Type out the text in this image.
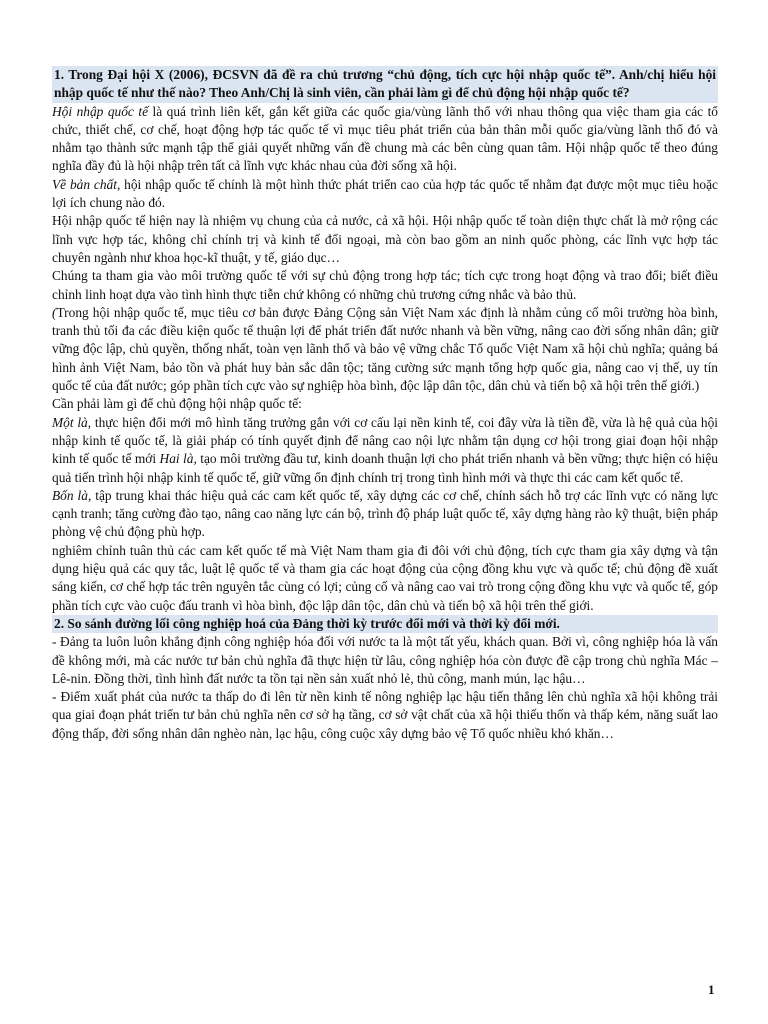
1. Trong Đại hội X (2006), ĐCSVN đã đề ra chủ trương “chủ động, tích cực hội nhập quốc tế”. Anh/chị hiểu hội nhập quốc tế như thế nào? Theo Anh/Chị là sinh viên, cần phải làm gì để chủ động hội nhập quốc tế?

Hội nhập quốc tế là quá trình liên kết, gắn kết giữa các quốc gia/vùng lãnh thổ với nhau thông qua việc tham gia các tổ chức, thiết chế, cơ chế, hoạt động hợp tác quốc tế vì mục tiêu phát triển của bản thân mỗi quốc gia/vùng lãnh thổ đó và nhằm tạo thành sức mạnh tập thể giải quyết những vấn đề chung mà các bên cùng quan tâm. Hội nhập quốc tế theo đúng nghĩa đầy đủ là hội nhập trên tất cả lĩnh vực khác nhau của đời sống xã hội.

Về bản chất, hội nhập quốc tế chính là một hình thức phát triển cao của hợp tác quốc tế nhằm đạt được một mục tiêu hoặc lợi ích chung nào đó.

Hội nhập quốc tế hiện nay là nhiệm vụ chung của cả nước, cả xã hội. Hội nhập quốc tế toàn diện thực chất là mở rộng các lĩnh vực hợp tác, không chỉ chính trị và kinh tế đối ngoại, mà còn bao gồm an ninh quốc phòng, các lĩnh vực hợp tác chuyên ngành như khoa học-kĩ thuật, y tế, giáo dục…

Chúng ta tham gia vào môi trường quốc tế với sự chủ động trong hợp tác; tích cực trong hoạt động và trao đổi; biết điều chỉnh linh hoạt dựa vào tình hình thực tiễn chứ không có những chủ trương cứng nhắc và bảo thủ.

(Trong hội nhập quốc tế, mục tiêu cơ bản được Đảng Cộng sản Việt Nam xác định là nhằm củng cố môi trường hòa bình, tranh thủ tối đa các điều kiện quốc tế thuận lợi để phát triển đất nước nhanh và bền vững, nâng cao đời sống nhân dân; giữ vững độc lập, chủ quyền, thống nhất, toàn vẹn lãnh thổ và bảo vệ vững chắc Tổ quốc Việt Nam xã hội chủ nghĩa; quảng bá hình ảnh Việt Nam, bảo tồn và phát huy bản sắc dân tộc; tăng cường sức mạnh tổng hợp quốc gia, nâng cao vị thế, uy tín quốc tế của đất nước; góp phần tích cực vào sự nghiệp hòa bình, độc lập dân tộc, dân chủ và tiến bộ xã hội trên thế giới.)

Cần phải làm gì để chủ động hội nhập quốc tế:

Một là, thực hiện đổi mới mô hình tăng trưởng gắn với cơ cấu lại nền kinh tế, coi đây vừa là tiền đề, vừa là hệ quả của hội nhập kinh tế quốc tế, là giải pháp có tính quyết định để nâng cao nội lực nhằm tận dụng cơ hội trong giai đoạn hội nhập kinh tế quốc tế mới Hai là, tạo môi trường đầu tư, kinh doanh thuận lợi cho phát triển nhanh và bền vững; thực hiện có hiệu quả tiến trình hội nhập kinh tế quốc tế, giữ vững ổn định chính trị trong tình hình mới và thực thi các cam kết quốc tế.

Bốn là, tập trung khai thác hiệu quả các cam kết quốc tế, xây dựng các cơ chế, chính sách hỗ trợ các lĩnh vực có năng lực cạnh tranh; tăng cường đào tạo, nâng cao năng lực cán bộ, trình độ pháp luật quốc tế, xây dựng hàng rào kỹ thuật, biện pháp phòng vệ chủ động phù hợp.

nghiêm chỉnh tuân thủ các cam kết quốc tế mà Việt Nam tham gia đi đôi với chủ động, tích cực tham gia xây dựng và tận dụng hiệu quả các quy tắc, luật lệ quốc tế và tham gia các hoạt động của cộng đồng khu vực và quốc tế; chủ động đề xuất sáng kiến, cơ chế hợp tác trên nguyên tắc cùng có lợi; củng cố và nâng cao vai trò trong cộng đồng khu vực và quốc tế, góp phần tích cực vào cuộc đấu tranh vì hòa bình, độc lập dân tộc, dân chủ và tiến bộ xã hội trên thế giới.

2. So sánh đường lối công nghiệp hoá của Đảng thời kỳ trước đổi mới và thời kỳ đổi mới.

- Đảng ta luôn luôn khẳng định công nghiệp hóa đối với nước ta là một tất yếu, khách quan. Bởi vì, công nghiệp hóa là vấn đề không mới, mà các nước tư bản chủ nghĩa đã thực hiện từ lâu, công nghiệp hóa còn được đề cập trong chủ nghĩa Mác – Lê-nin. Đồng thời, tình hình đất nước ta tồn tại nền sản xuất nhỏ lẻ, thủ công, manh mún, lạc hậu…

- Điểm xuất phát của nước ta thấp do đi lên từ nền kinh tế nông nghiệp lạc hậu tiến thẳng lên chủ nghĩa xã hội không trải qua giai đoạn phát triển tư bản chủ nghĩa nên cơ sở hạ tầng, cơ sở vật chất của xã hội thiếu thốn và thấp kém, năng suất lao động thấp, đời sống nhân dân nghèo nàn, lạc hậu, công cuộc xây dựng bảo vệ Tổ quốc nhiều khó khăn…

1
